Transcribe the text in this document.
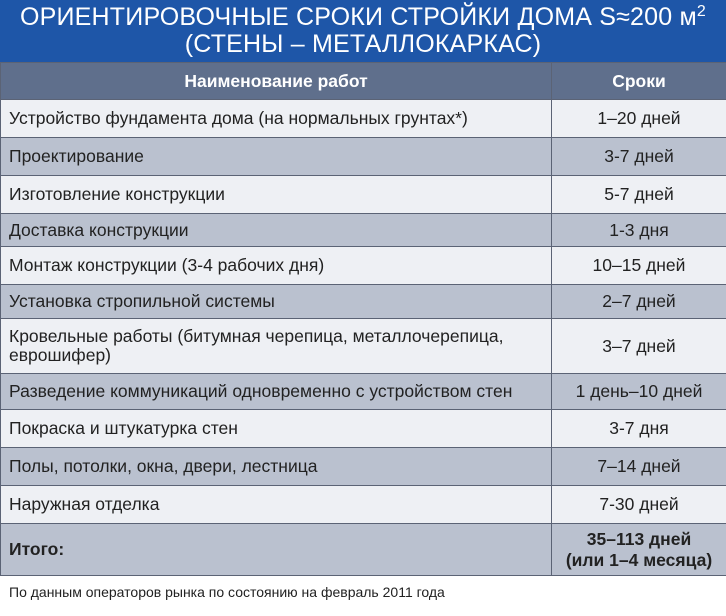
ОРИЕНТИРОВОЧНЫЕ СРОКИ СТРОЙКИ ДОМА S≈200 $м^2$
(СТЕНЫ – МЕТАЛЛОКАРКАС)
Наименование работ	Сроки
Устройство фундамента дома (на нормальных грунтах*)	1–20 дней
Проектирование	3-7 дней
Изготовление конструкции	5-7 дней
Доставка конструкции	1-3 дня
Монтаж конструкции (3-4 рабочих дня)	10–15 дней
Установка стропильной системы	2–7 дней
Кровельные работы (битумная черепица, металлочерепица, еврошифер)	3–7 дней
Разведение коммуникаций одновременно с устройством стен	1 день–10 дней
Покраска и штукатурка стен	3-7 дня
Полы, потолки, окна, двери, лестница	7–14 дней
Наружная отделка	7-30 дней
Итого:	35–113 дней
(или 1–4 месяца)
По данным операторов рынка по состоянию на февраль 2011 года
